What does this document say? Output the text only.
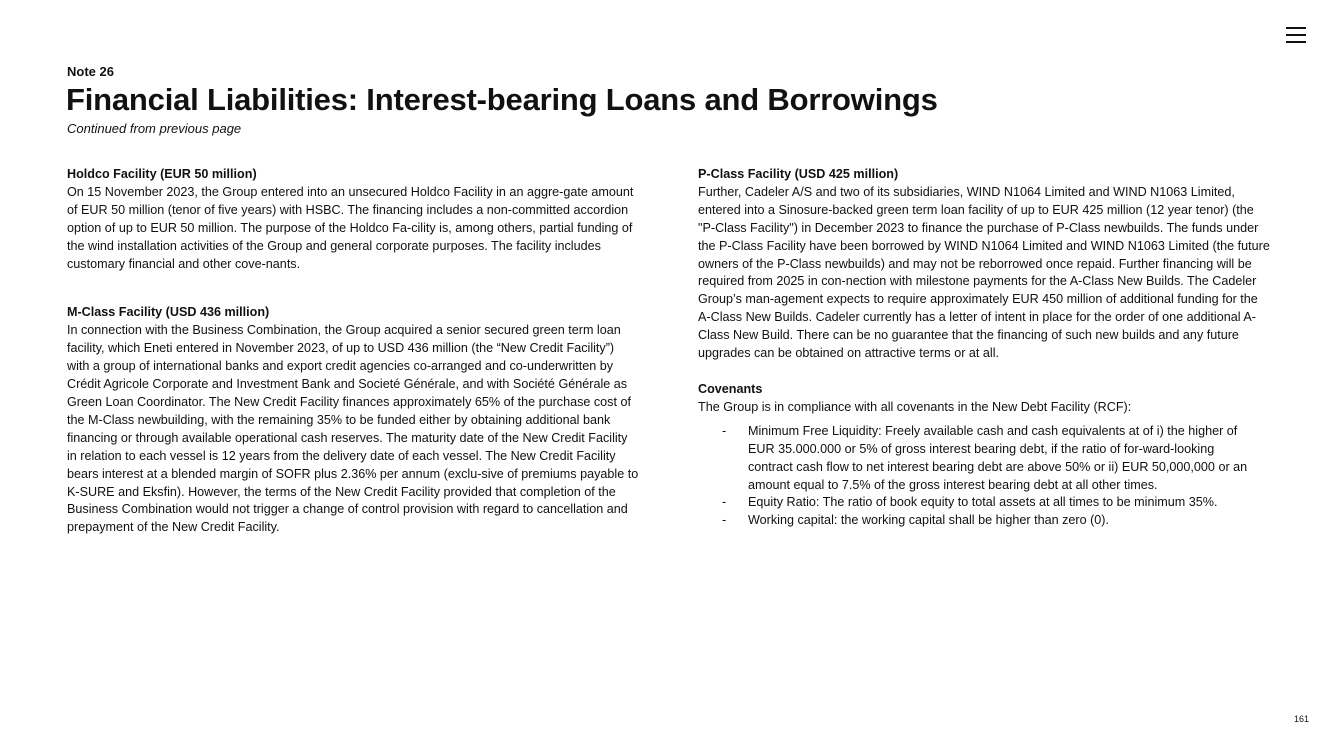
Note 26
Financial Liabilities: Interest-bearing Loans and Borrowings
Continued from previous page
Holdco Facility (EUR 50 million)

On 15 November 2023, the Group entered into an unsecured Holdco Facility in an aggre-gate amount of EUR 50 million (tenor of five years) with HSBC. The financing includes a non-committed accordion option of up to EUR 50 million. The purpose of the Holdco Fa-cility is, among others, partial funding of the wind installation activities of the Group and general corporate purposes. The facility includes customary financial and other cove-nants.

M-Class Facility (USD 436 million)

In connection with the Business Combination, the Group acquired a senior secured green term loan facility, which Eneti entered in November 2023, of up to USD 436 million (the “New Credit Facility”) with a group of international banks and export credit agencies co-arranged and co-underwritten by Crédit Agricole Corporate and Investment Bank and Societé Générale, and with Société Générale as Green Loan Coordinator. The New Credit Facility finances approximately 65% of the purchase cost of the M-Class newbuilding, with the remaining 35% to be funded either by obtaining additional bank financing or through available operational cash reserves. The maturity date of the New Credit Facility in relation to each vessel is 12 years from the delivery date of each vessel. The New Credit Facility bears interest at a blended margin of SOFR plus 2.36% per annum (exclu-sive of premiums payable to K-SURE and Eksfin). However, the terms of the New Credit Facility provided that completion of the Business Combination would not trigger a change of control provision with regard to cancellation and prepayment of the New Credit Facility.

P-Class Facility (USD 425 million)

Further, Cadeler A/S and two of its subsidiaries, WIND N1064 Limited and WIND N1063 Limited, entered into a Sinosure-backed green term loan facility of up to EUR 425 million (12 year tenor) (the "P-Class Facility") in December 2023 to finance the purchase of P-Class newbuilds. The funds under the P-Class Facility have been borrowed by WIND N1064 Limited and WIND N1063 Limited (the future owners of the P-Class newbuilds) and may not be reborrowed once repaid. Further financing will be required from 2025 in con-nection with milestone payments for the A-Class New Builds. The Cadeler Group’s man-agement expects to require approximately EUR 450 million of additional funding for the A-Class New Builds. Cadeler currently has a letter of intent in place for the order of one additional A-Class New Build. There can be no guarantee that the financing of such new builds and any future upgrades can be obtained on attractive terms or at all.

Covenants

The Group is in compliance with all covenants in the New Debt Facility (RCF):

- Minimum Free Liquidity: Freely available cash and cash equivalents at of i) the higher of EUR 35.000.000 or 5% of gross interest bearing debt, if the ratio of for-ward-looking contract cash flow to net interest bearing debt are above 50% or ii) EUR 50,000,000 or an amount equal to 7.5% of the gross interest bearing debt at all other times.
- Equity Ratio: The ratio of book equity to total assets at all times to be minimum 35%.
- Working capital: the working capital shall be higher than zero (0).
161
